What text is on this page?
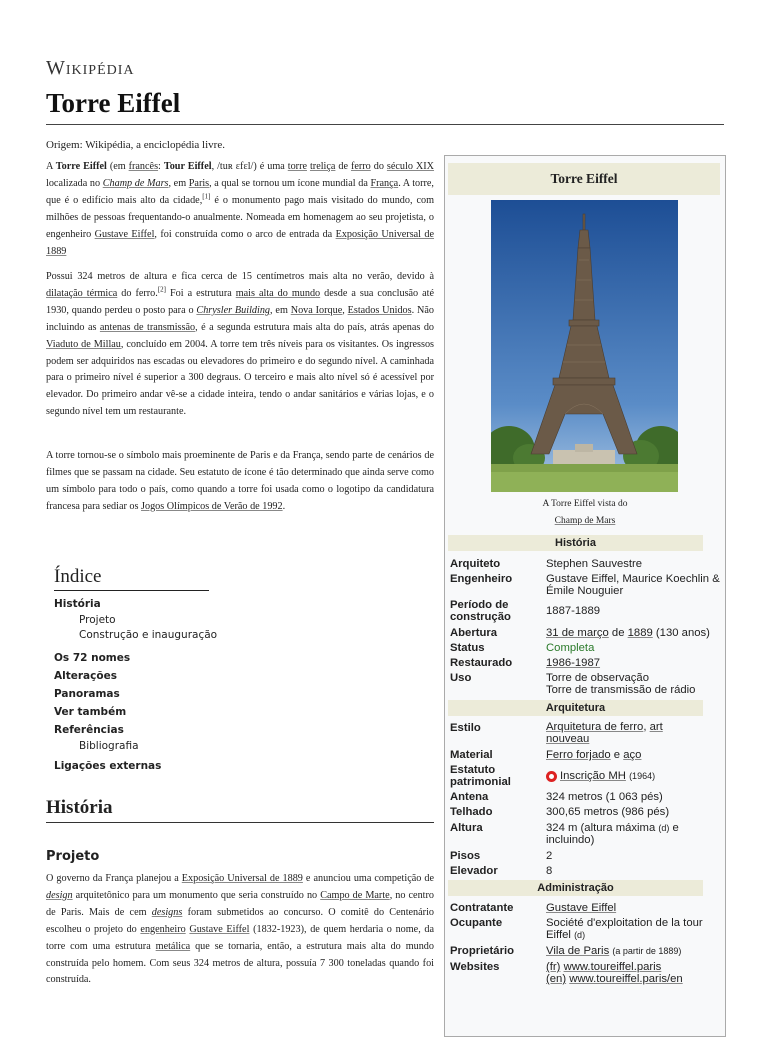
Wikipédia
Torre Eiffel
Origem: Wikipédia, a enciclopédia livre.

A Torre Eiffel (em francês: Tour Eiffel, /tuʀ ɛfɛl/) é uma torre treliça de ferro do século XIX localizada no Champ de Mars, em Paris, a qual se tornou um ícone mundial da França. A torre, que é o edifício mais alto da cidade,[1] é o monumento pago mais visitado do mundo, com milhões de pessoas frequentando-o anualmente. Nomeada em homenagem ao seu projetista, o engenheiro Gustave Eiffel, foi construída como o arco de entrada da Exposição Universal de 1889

Possui 324 metros de altura e fica cerca de 15 centímetros mais alta no verão, devido à dilatação térmica do ferro.[2] Foi a estrutura mais alta do mundo desde a sua conclusão até 1930, quando perdeu o posto para o Chrysler Building, em Nova Iorque, Estados Unidos. Não incluindo as antenas de transmissão, é a segunda estrutura mais alta do país, atrás apenas do Viaduto de Millau, concluído em 2004. A torre tem três níveis para os visitantes. Os ingressos podem ser adquiridos nas escadas ou elevadores do primeiro e do segundo nível. A caminhada para o primeiro nível é superior a 300 degraus. O terceiro e mais alto nível só é acessível por elevador. Do primeiro andar vê-se a cidade inteira, tendo o andar sanitários e várias lojas, e o segundo nível tem um restaurante.

A torre tornou-se o símbolo mais proeminente de Paris e da França, sendo parte de cenários de filmes que se passam na cidade. Seu estatuto de ícone é tão determinado que ainda serve como um símbolo para todo o país, como quando a torre foi usada como o logotipo da candidatura francesa para sediar os Jogos Olímpicos de Verão de 1992.

Índice
História
Projeto
Construção e inauguração
Os 72 nomes
Alterações
Panoramas
Ver também
Referências
Bibliografia
Ligações externas
História
Projeto

O governo da França planejou a Exposição Universal de 1889 e anunciou uma competição de design arquitetônico para um monumento que seria construído no Campo de Marte, no centro de Paris. Mais de cem designs foram submetidos ao concurso. O comitê do Centenário escolheu o projeto do engenheiro Gustave Eiffel (1832-1923), de quem herdaria o nome, da torre com uma estrutura metálica que se tornaria, então, a estrutura mais alta do mundo construída pelo homem. Com seus 324 metros de altura, possuía 7 300 toneladas quando foi construída.

Torre Eiffel
A Torre Eiffel vista do
Champ de Mars
História
Arquiteto	Stephen Sauvestre
Engenheiro	Gustave Eiffel, Maurice Koechlin & Émile Nouguier
Período de construção	1887-1889
Abertura	31 de março de 1889 (130 anos)
Status	Completa
Restaurado	1986-1987
Uso	Torre de observação
Torre de transmissão de rádio
Arquitetura
Estilo	Arquitetura de ferro, art nouveau
Material	Ferro forjado e aço
Estatuto patrimonial	Inscrição MH (1964)
Antena	324 metros (1 063 pés)
Telhado	300,65 metros (986 pés)
Altura	324 m (altura máxima (d) e incluindo)
Pisos	2
Elevador	8
Administração
Contratante	Gustave Eiffel
Ocupante	Société d'exploitation de la tour Eiffel (d)
Proprietário	Vila de Paris (a partir de 1889)
Websites	(fr) www.toureiffel.paris
(en) www.toureiffel.paris/en
